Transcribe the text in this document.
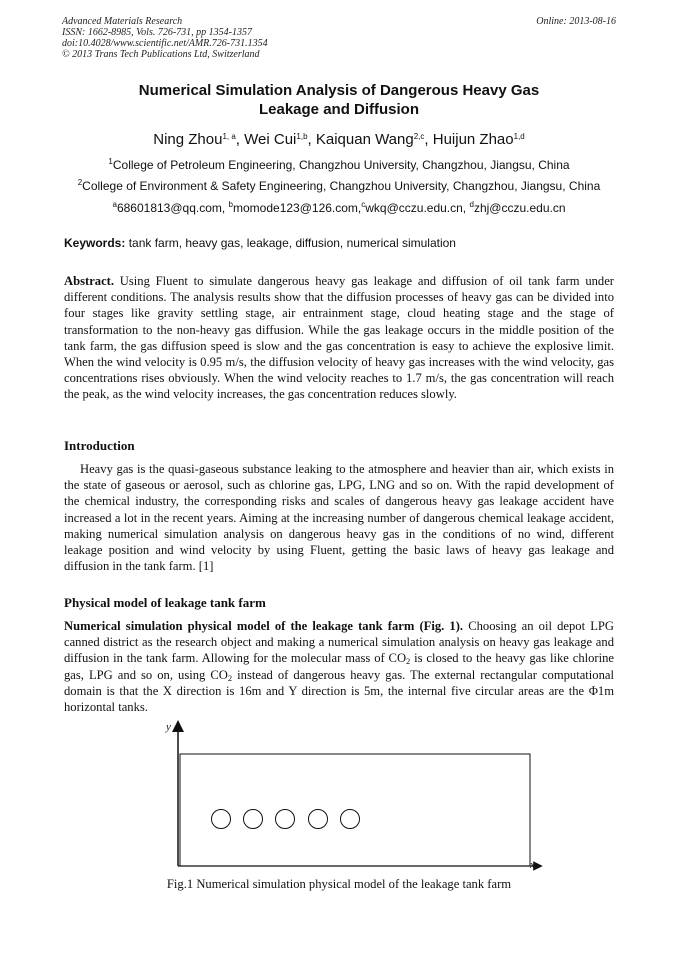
Advanced Materials Research
ISSN: 1662-8985, Vols. 726-731, pp 1354-1357
doi:10.4028/www.scientific.net/AMR.726-731.1354
© 2013 Trans Tech Publications Ltd, Switzerland
Online: 2013-08-16
Numerical Simulation Analysis of Dangerous Heavy Gas
Leakage and Diffusion
Ning Zhou$^{1, a}$, Wei Cui$^{1,b}$, Kaiquan Wang$^{2,c}$, Huijun Zhao$^{1,d}$
$^1$College of Petroleum Engineering, Changzhou University, Changzhou, Jiangsu, China
$^2$College of Environment & Safety Engineering, Changzhou University, Changzhou, Jiangsu, China
$^a$68601813@qq.com, $^b$momode123@126.com,$^c$wkq@cczu.edu.cn, $^d$zhj@cczu.edu.cn
Keywords: tank farm, heavy gas, leakage, diffusion, numerical simulation
Abstract. Using Fluent to simulate dangerous heavy gas leakage and diffusion of oil tank farm under different conditions. The analysis results show that the diffusion processes of heavy gas can be divided into four stages like gravity settling stage, air entrainment stage, cloud heating stage and the stage of transformation to the non-heavy gas diffusion. While the gas leakage occurs in the middle position of the tank farm, the gas diffusion speed is slow and the gas concentration is easy to achieve the explosive limit. When the wind velocity is 0.95 m/s, the diffusion velocity of heavy gas increases with the wind velocity, gas concentrations rises obviously. When the wind velocity reaches to 1.7 m/s, the gas concentration will reach the peak, as the wind velocity increases, the gas concentration reduces slowly.
Introduction
Heavy gas is the quasi-gaseous substance leaking to the atmosphere and heavier than air, which exists in the state of gaseous or aerosol, such as chlorine gas, LPG, LNG and so on. With the rapid development of the chemical industry, the corresponding risks and scales of dangerous heavy gas leakage accident have increased a lot in the recent years. Aiming at the increasing number of dangerous chemical leakage accident, making numerical simulation analysis on dangerous heavy gas in the conditions of no wind, different leakage position and wind velocity by using Fluent, getting the basic laws of heavy gas leakage and diffusion in the tank farm. [1]
Physical model of leakage tank farm
Numerical simulation physical model of the leakage tank farm (Fig. 1). Choosing an oil depot LPG canned district as the research object and making a numerical simulation analysis on heavy gas leakage and diffusion in the tank farm. Allowing for the molecular mass of $CO_2$ is closed to the heavy gas like chlorine gas, LPG and so on, using $CO_2$ instead of dangerous heavy gas. The external rectangular computational domain is that the X direction is 16m and Y direction is 5m, the internal five circular areas are the Φ1m horizontal tanks.
y
x
Fig.1 Numerical simulation physical model of the leakage tank farm
